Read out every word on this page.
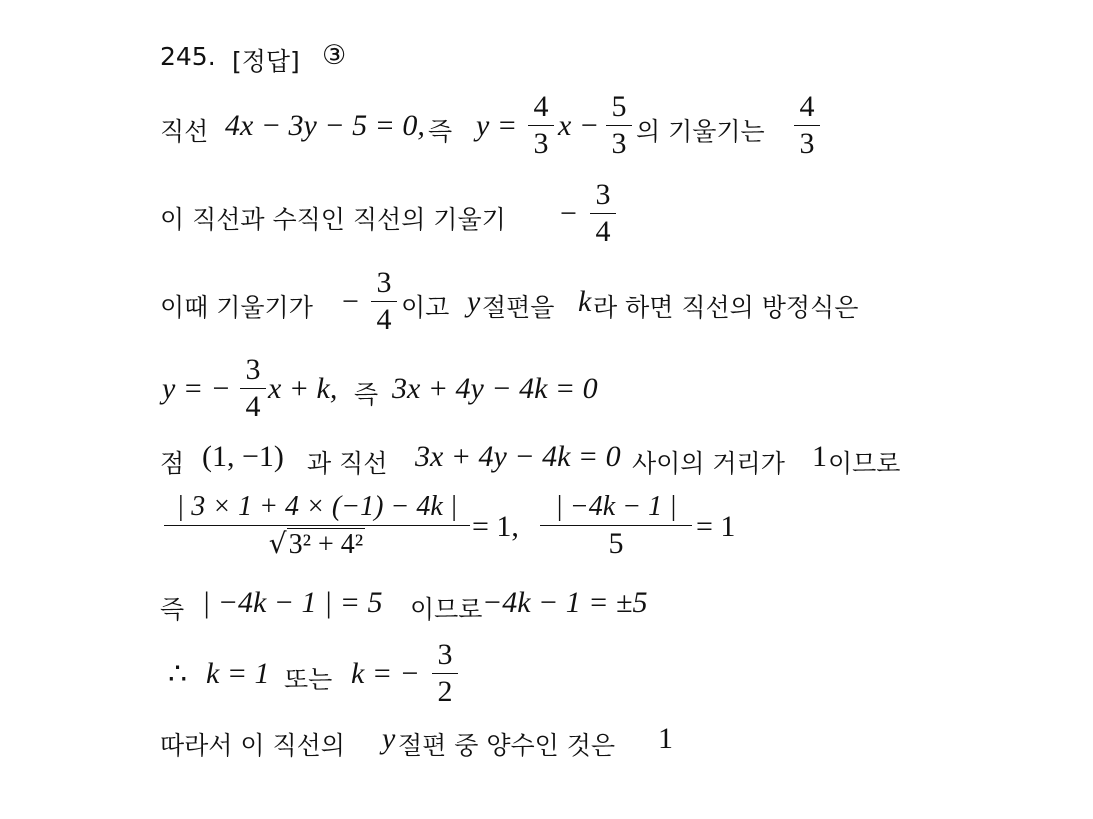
245. [정답] ③
직선 4x − 3y − 5 = 0, 즉 y =
4
3
x −
5
3 의 기울기는
4
3
이 직선과 수직인 직선의 기울기 −
3
4
이때 기울기가 −
3
4 이고 y 절편을 k 라 하면 직선의 방정식은
y = −
3
4
x + k, 즉 3x + 4y − 4k = 0
점 (1, −1) 과 직선 3x + 4y − 4k = 0 사이의 거리가 1 이므로
| 3 × 1 + 4 × (−1) − 4k |
√3² + 4²
= 1,
| −4k − 1 |
5
= 1
즉 | −4k − 1 | = 5 이므로 −4k − 1 = ±5
∴ k = 1 또는 k = −
3
2
따라서 이 직선의 y 절편 중 양수인 것은 1
